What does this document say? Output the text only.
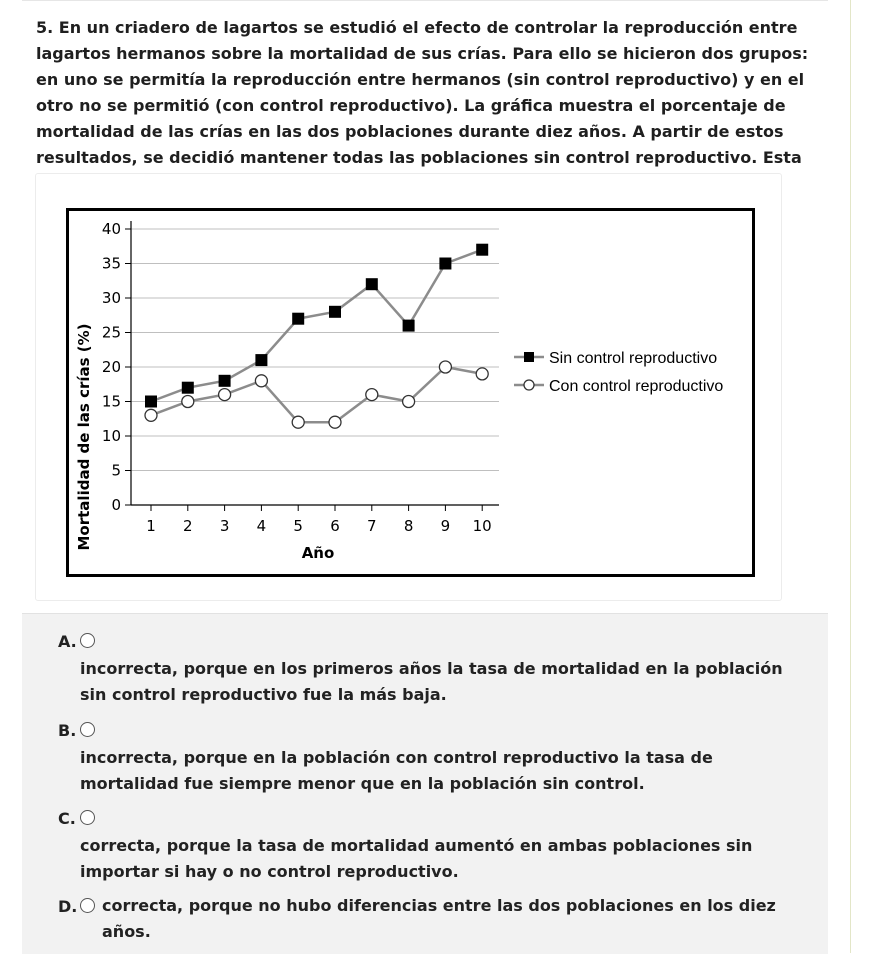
5. En un criadero de lagartos se estudió el efecto de controlar la reproducción entre lagartos hermanos sobre la mortalidad de sus crías. Para ello se hicieron dos grupos: en uno se permitía la reproducción entre hermanos (sin control reproductivo) y en el otro no se permitió (con control reproductivo). La gráfica muestra el porcentaje de mortalidad de las crías en las dos poblaciones durante diez años. A partir de estos resultados, se decidió mantener todas las poblaciones sin control reproductivo. Esta
0
5
10
15
20
25
30
35
40
1 2 3 4 5 6 7 8 9 10
Sin control reproductivo
Con control reproductivo
Mortalidad de las crías (%)
Año
A.
incorrecta, porque en los primeros años la tasa de mortalidad en la población sin control reproductivo fue la más baja.
B.
incorrecta, porque en la población con control reproductivo la tasa de mortalidad fue siempre menor que en la población sin control.
C.
correcta, porque la tasa de mortalidad aumentó en ambas poblaciones sin importar si hay o no control reproductivo.
D. correcta, porque no hubo diferencias entre las dos poblaciones en los diez años.
